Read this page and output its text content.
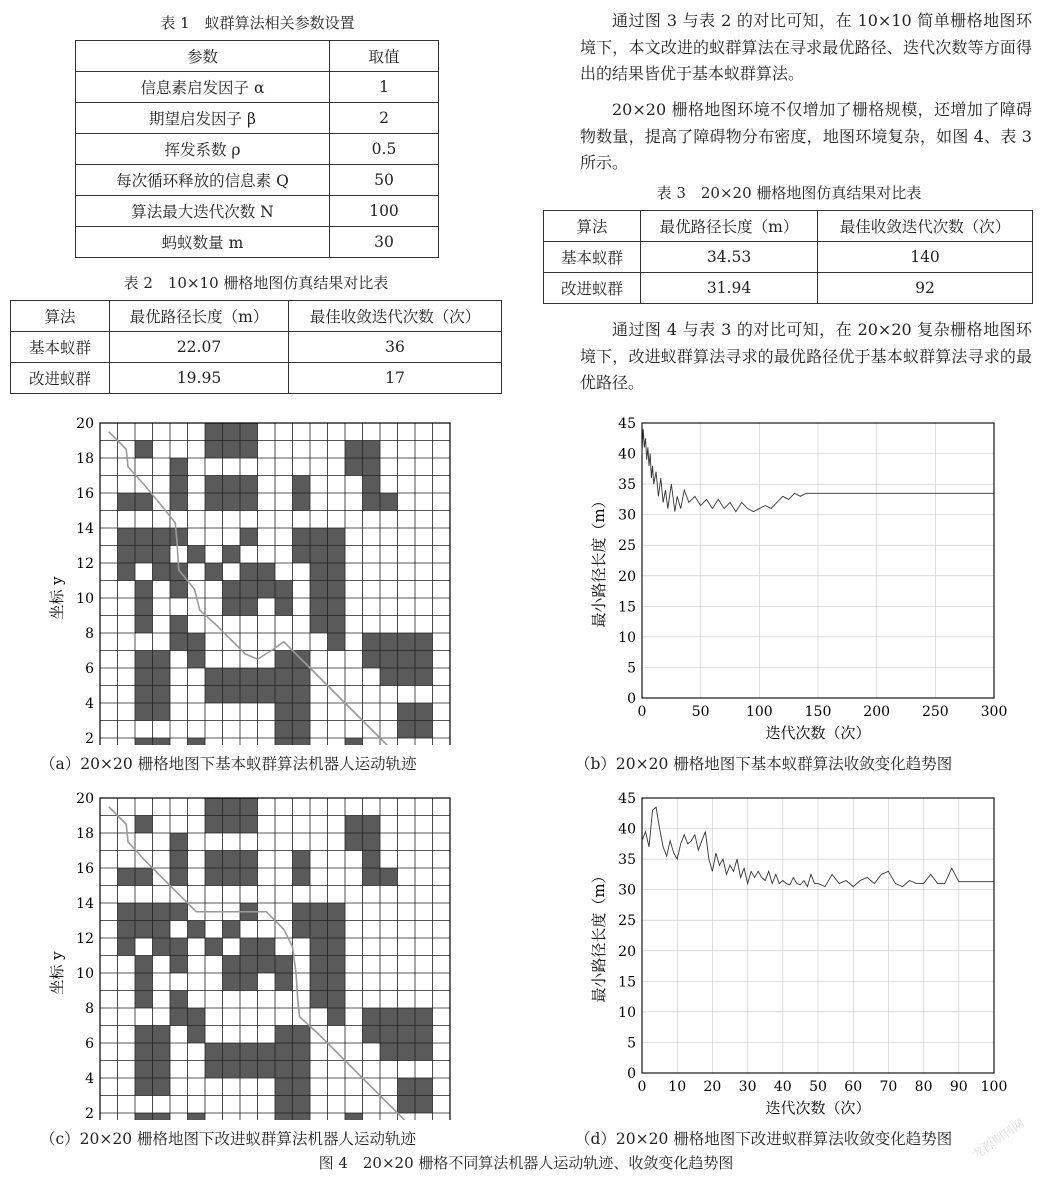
表 1　蚁群算法相关参数设置
参数	取值
信息素启发因子 α	1
期望启发因子 β	2
挥发系数 ρ	0.5
每次循环释放的信息素 Q	50
算法最大迭代次数 N	100
蚂蚁数量 m	30
表 2　10×10 栅格地图仿真结果对比表
算法	最优路径长度（m）	最佳收敛迭代次数（次）
基本蚁群	22.07	36
改进蚁群	19.95	17

通过图 3 与表 2 的对比可知，在 10×10 简单栅格地图环境下，本文改进的蚁群算法在寻求最优路径、迭代次数等方面得出的结果皆优于基本蚁群算法。

20×20 栅格地图环境不仅增加了栅格规模，还增加了障碍物数量，提高了障碍物分布密度，地图环境复杂，如图 4、表 3 所示。

表 3　20×20 栅格地图仿真结果对比表
算法	最优路径长度（m）	最佳收敛迭代次数（次）
基本蚁群	34.53	140
改进蚁群	31.94	92

通过图 4 与表 3 的对比可知，在 20×20 复杂栅格地图环境下，改进蚁群算法寻求的最优路径优于基本蚁群算法寻求的最优路径。

2
4
6
8
10
12
14
16
18
20
坐标 y
0	50	100 150 200 250 300
0
5
10
15
20
25
30
35
40
45
迭代次数（次）
最小路径长度（m）
2
4
6
8
10
12
14
16
18
20
坐标 y
0 10 20 30 40 50 60 70 80 90 100
0
5
10
15
20
25
30
35
40
45
迭代次数（次）
最小路径长度（m）
（a）20×20 栅格地图下基本蚁群算法机器人运动轨迹	（b）20×20 栅格地图下基本蚁群算法收敛变化趋势图
（c）20×20 栅格地图下改进蚁群算法机器人运动轨迹	（d）20×20 栅格地图下改进蚁群算法收敛变化趋势图
图 4　20×20 栅格不同算法机器人运动轨迹、收敛变化趋势图
龙源期刊网
